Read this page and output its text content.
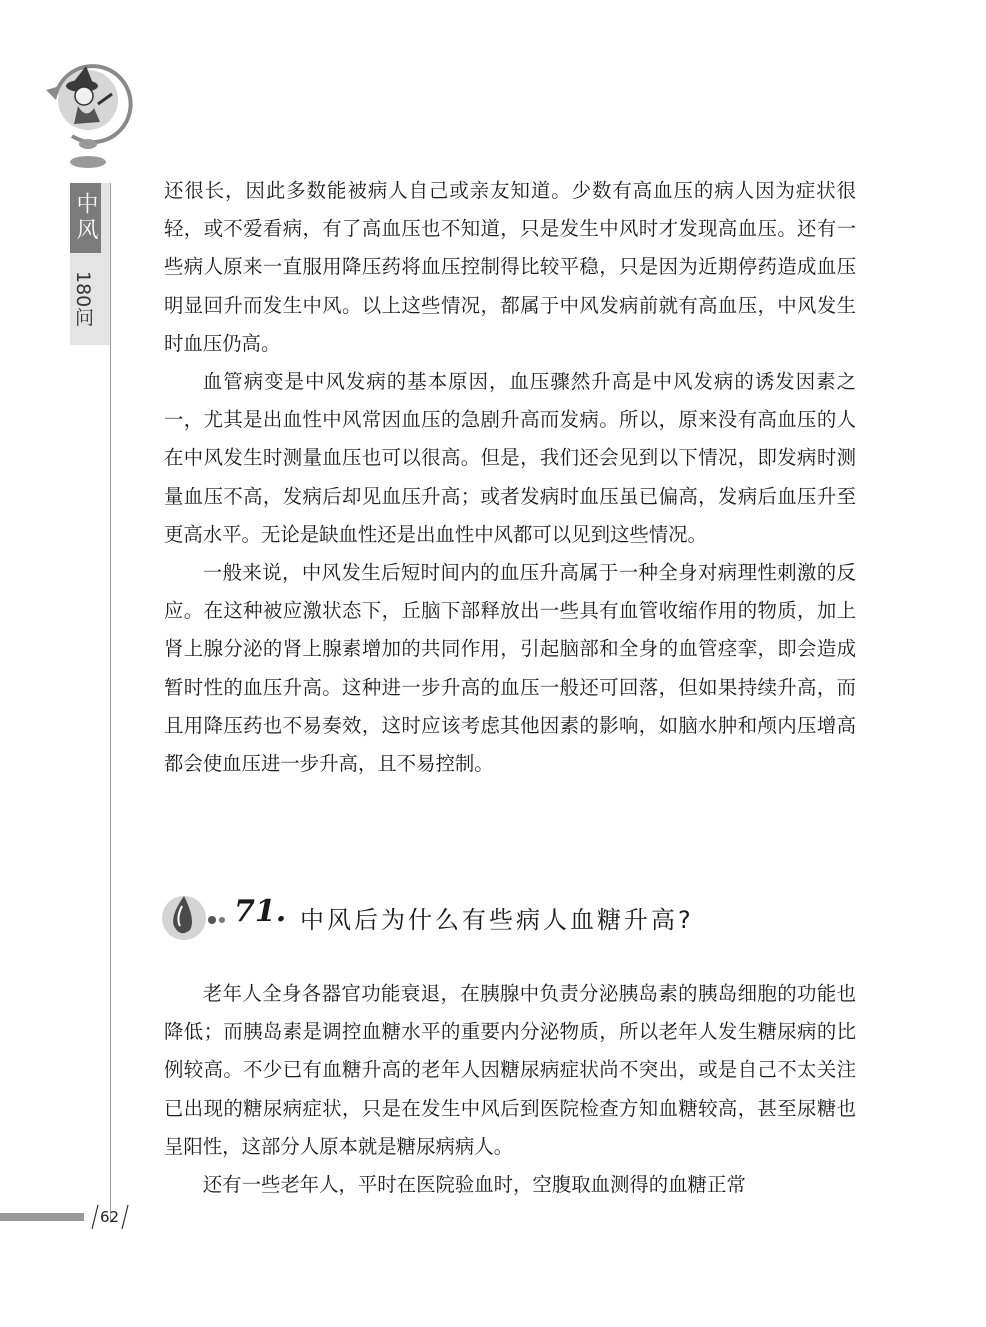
中风
180问

还很长，因此多数能被病人自己或亲友知道。少数有高血压的病人因为症状很轻，或不爱看病，有了高血压也不知道，只是发生中风时才发现高血压。还有一些病人原来一直服用降压药将血压控制得比较平稳，只是因为近期停药造成血压明显回升而发生中风。以上这些情况，都属于中风发病前就有高血压，中风发生时血压仍高。

血管病变是中风发病的基本原因，血压骤然升高是中风发病的诱发因素之一，尤其是出血性中风常因血压的急剧升高而发病。所以，原来没有高血压的人在中风发生时测量血压也可以很高。但是，我们还会见到以下情况，即发病时测量血压不高，发病后却见血压升高；或者发病时血压虽已偏高，发病后血压升至更高水平。无论是缺血性还是出血性中风都可以见到这些情况。

一般来说，中风发生后短时间内的血压升高属于一种全身对病理性刺激的反应。在这种被应激状态下，丘脑下部释放出一些具有血管收缩作用的物质，加上肾上腺分泌的肾上腺素增加的共同作用，引起脑部和全身的血管痉挛，即会造成暂时性的血压升高。这种进一步升高的血压一般还可回落，但如果持续升高，而且用降压药也不易奏效，这时应该考虑其他因素的影响，如脑水肿和颅内压增高都会使血压进一步升高，且不易控制。

71. 中风后为什么有些病人血糖升高?

老年人全身各器官功能衰退，在胰腺中负责分泌胰岛素的胰岛细胞的功能也降低；而胰岛素是调控血糖水平的重要内分泌物质，所以老年人发生糖尿病的比例较高。不少已有血糖升高的老年人因糖尿病症状尚不突出，或是自己不太关注已出现的糖尿病症状，只是在发生中风后到医院检查方知血糖较高，甚至尿糖也呈阳性，这部分人原本就是糖尿病病人。

还有一些老年人，平时在医院验血时，空腹取血测得的血糖正常

62
